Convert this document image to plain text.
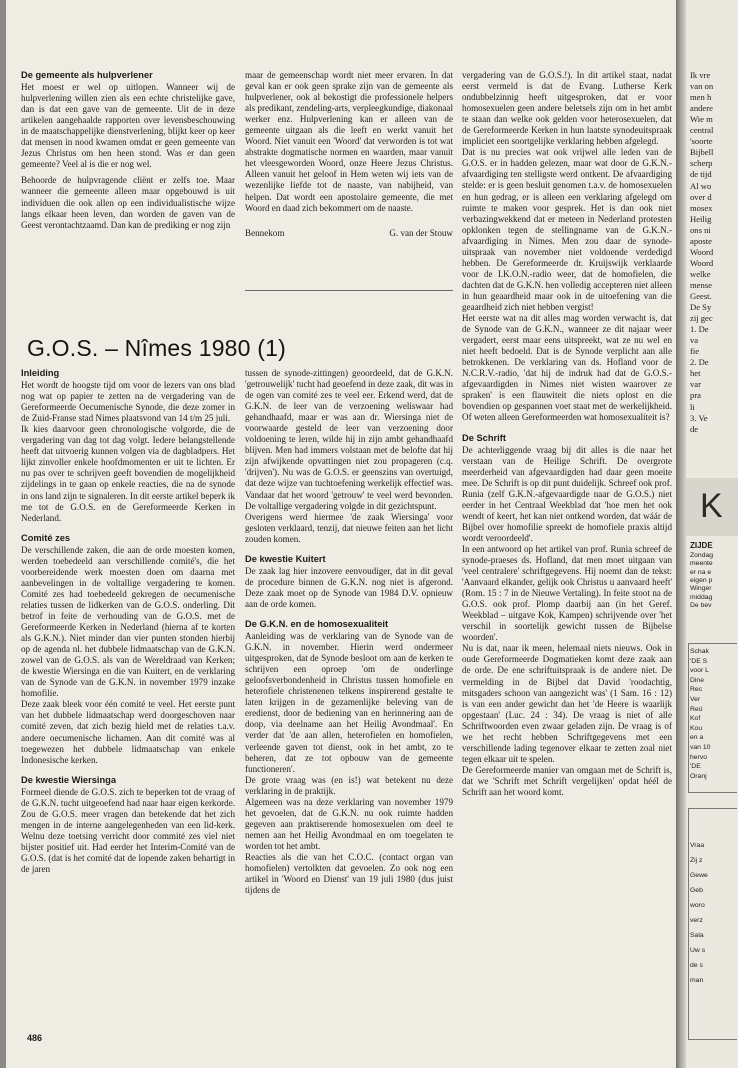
De gemeente als hulpverlener

Het moest er wel op uitlopen. Wanneer wij de hulpverlening willen zien als een echte christelijke gave, dan is dat een gave van de gemeente. Uit de in deze artikelen aangehaalde rapporten over levensbeschouwing in de maatschappelijke dienstverlening, blijkt keer op keer dat mensen in nood kwamen omdat er geen gemeente van Jezus Christus om hen heen stond. Was er dan geen gemeente? Veel al is die er nog wel.

Behoorde de hulpvragende cliënt er zelfs toe. Maar wanneer die gemeente alleen maar opgebouwd is uit individuen die ook allen op een individualistische wijze langs elkaar heen leven, dan worden de gaven van de Geest verontachtzaamd. Dan kan de prediking er nog zijn

maar de gemeenschap wordt niet meer ervaren. In dat geval kan er ook geen sprake zijn van de gemeente als hulpverlener, ook al bekostigt die professionele helpers als predikant, zendeling-arts, verpleegkundige, diakonaal werker enz. Hulpverlening kan er alleen van de gemeente uitgaan als die leeft en werkt vanuit het Woord. Niet vanuit een 'Woord' dat verworden is tot wat abstrakte dogmatische normen en waarden, maar vanuit het vleesgeworden Woord, onze Heere Jezus Christus. Alleen vanuit het geloof in Hem weten wij iets van de wezenlijke liefde tot de naaste, van nabijheid, van helpen. Dat wordt een apostolaire gemeente, die met Woord en daad zich bekommert om de naaste.

Bennekom	G. van der Stouw
G.O.S. – Nîmes 1980 (1)
Inleiding

Het wordt de hoogste tijd om voor de lezers van ons blad nog wat op papier te zetten na de vergadering van de Gereformeerde Oecumenische Synode, die deze zomer in de Zuid-Franse stad Nimes plaatsvond van 14 t/m 25 juli.

Ik kies daarvoor geen chronologische volgorde, die de vergadering van dag tot dag volgt. Iedere belangstellende heeft dat uitvoerig kunnen volgen via de dagbladpers. Het lijkt zinvoller enkele hoofdmomenten er uit te lichten. Er nu pas over te schrijven geeft bovendien de mogelijkheid zijdelings in te gaan op enkele reacties, die na de synode in ons land zijn te signaleren. In dit eerste artikel beperk ik me tot de G.O.S. en de Gereformeerde Kerken in Nederland.

Comité zes

De verschillende zaken, die aan de orde moesten komen, werden toebedeeld aan verschillende comité's, die het voorbereidende werk moesten doen om daarna met aanbevelingen in de voltallige vergadering te komen. Comité zes had toebedeeld gekregen de oecumenische relaties tussen de lidkerken van de G.O.S. onderling. Dit betrof in feite de verhouding van de G.O.S. met de Gereformeerde Kerken in Nederland (hierna af te korten als G.K.N.). Niet minder dan vier punten stonden hierbij op de agenda nl. het dubbele lidmaatschap van de G.K.N. zowel van de G.O.S. als van de Wereldraad van Kerken; de kwestie Wiersinga en die van Kuitert, en de verklaring van de Synode van de G.K.N. in november 1979 inzake homofilie.

Deze zaak bleek voor één comité te veel. Het eerste punt van het dubbele lidmaatschap werd doorgeschoven naar comité zeven, dat zich bezig hield met de relaties t.a.v. andere oecumenische lichamen. Aan dit comité was al toegewezen het dubbele lidmaatschap van enkele Indonesische kerken.

De kwestie Wiersinga

Formeel diende de G.O.S. zich te beperken tot de vraag of de G.K.N. tucht uitgeoefend had naar haar eigen kerkorde. Zou de G.O.S. meer vragen dan betekende dat het zich mengen in de interne aangelegenheden van een lid-kerk. Welnu deze toetsing verricht door commité zes viel niet bijster positief uit. Had eerder het Interim-Comité van de G.O.S. (dat is het comité dat de lopende zaken behartigt in de jaren

tussen de synode-zittingen) geoordeeld, dat de G.K.N. 'getrouwelijk' tucht had geoefend in deze zaak, dit was in de ogen van comité zes te veel eer. Erkend werd, dat de G.K.N. de leer van de verzoening weliswaar had gehandhaafd, maar er was aan dr. Wiersinga niet de voorwaarde gesteld de leer van verzoening door voldoening te leren, wilde hij in zijn ambt gehandhaafd blijven. Men had immers volstaan met de belofte dat hij zijn afwijkende opvattingen niet zou propageren (c.q. 'drijven'). Nu was de G.O.S. er geenszins van overtuigd, dat deze wijze van tuchtoefening werkelijk effectief was. Vandaar dat het woord 'getrouw' te veel werd bevonden. De voltallige vergadering volgde in dit gezichtspunt.

Overigens werd hiermee 'de zaak Wiersinga' voor gesloten verklaard, tenzij, dat nieuwe feiten aan het licht zouden komen.

De kwestie Kuitert

De zaak lag hier inzovere eenvoudiger, dat in dit geval de procedure binnen de G.K.N. nog niet is afgerond. Deze zaak moet op de Synode van 1984 D.V. opnieuw aan de orde komen.

De G.K.N. en de homosexualiteit

Aanleiding was de verklaring van de Synode van de G.K.N. in november. Hierin werd ondermeer uitgesproken, dat de Synode besloot om aan de kerken te schrijven een oproep 'om de onderlinge geloofsverbondenheid in Christus tussen homofiele en heterofiele christenenen telkens inspirerend gestalte te laten krijgen in de gezamenlijke beleving van de eredienst, door de bediening van en herinnering aan de doop, via deelname aan het Heilig Avondmaal'. En verder dat 'de aan allen, heterofielen en homofielen, verleende gaven tot dienst, ook in het ambt, zo te beheren, dat ze tot opbouw van de gemeente functioneren'.

De grote vraag was (en is!) wat betekent nu deze verklaring in de praktijk.

Algemeen was na deze verklaring van november 1979 het gevoelen, dat de G.K.N. nu ook ruimte hadden gegeven aan praktiserende homosexuelen om deel te nemen aan het Heilig Avondmaal en om toegelaten te worden tot het ambt.

Reacties als die van het C.O.C. (contact organ van homofielen) vertolkten dat gevoelen. Zo ook nog een artikel in 'Woord en Dienst' van 19 juli 1980 (dus juist tijdens de

vergadering van de G.O.S.!). In dit artikel staat, nadat eerst vermeld is dat de Evang. Lutherse Kerk ondubbelzinnig heeft uitgesproken, dat er voor homosexuelen geen andere beletsels zijn om in het ambt te staan dan welke ook gelden voor heterosexuelen, dat de Gereformeerde Kerken in hun laatste synodeuitspraak impliciet een soortgelijke verklaring hebben afgelegd.

Dat is nu precies wat ook vrijwel alle leden van de G.O.S. er in hadden gelezen, maar wat door de G.K.N.-afvaardiging ten stelligste werd ontkent. De afvaardiging stelde: er is geen besluit genomen t.a.v. de homosexuelen en hun gedrag, er is alleen een verklaring afgelegd om ruimte te maken voor gesprek. Het is dan ook niet verbazingwekkend dat er meteen in Nederland protesten opklonken tegen de stellingname van de G.K.N.-afvaardiging in Nimes. Men zou daar de synode-uitspraak van november niet voldoende verdedigd hebben. De Gereformeerde dr. Kruijswijk verklaarde voor de I.K.O.N.-radio weer, dat de homofielen, die dachten dat de G.K.N. hen volledig accepteren niet alleen in hun geaardheid maar ook in de uitoefening van die geaardheid zich niet hebben vergist!

Het eerste wat na dit alles mag worden verwacht is, dat de Synode van de G.K.N., wanneer ze dit najaar weer vergadert, eerst maar eens uitspreekt, wat ze nu wel en niet heeft bedoeld. Dat is de Synode verplicht aan alle betrokkenen. De verklaring van ds. Hofland voor de N.C.R.V.-radio, 'dat hij de indruk had dat de G.O.S.-afgevaardigden in Nimes niet wisten waarover ze spraken' is een flauwiteit die niets oplost en die bovendien op gespannen voet staat met de werkelijkheid. Of weten alleen Gereformeerden wat homosexualiteit is?

De Schrift

De achterliggende vraag bij dit alles is die naar het verstaan van de Heilige Schrift. De overgrote meerderheid van afgevaardigden had daar geen moeite mee. De Schrift is op dit punt duidelijk. Schreef ook prof. Runia (zelf G.K.N.-afgevaardigde naar de G.O.S.) niet eerder in het Centraal Weekblad dat 'hoe men het ook wendt of keert, het kan niet ontkend worden, dat wáár de Bijbel over homofilie spreekt de homofiele praxis altijd wordt veroordeeld'.

In een antwoord op het artikel van prof. Runia schreef de synode-praeses ds. Hofland, dat men moet uitgaan van 'veel centralere' schriftgegevens. Hij noemt dan de tekst: 'Aanvaard elkander, gelijk ook Christus u aanvaard heeft' (Rom. 15 : 7 in de Nieuwe Vertaling). In feite stoot na de G.O.S. ook prof. Plomp daarbij aan (in het Geref. Weekblad – uitgave Kok, Kampen) schrijvende over 'het verschil in soortelijk gewicht tussen de Bijbelse woorden'.

Nu is dat, naar ik meen, helemaal niets nieuws. Ook in oude Gereformeerde Dogmatieken komt deze zaak aan de orde. De ene schriftuitspraak is de andere niet. De vermelding in de Bijbel dat David 'roodachtig, mitsgaders schoon van aangezicht was' (1 Sam. 16 : 12) is van een ander gewicht dan het 'de Heere is waarlijk opgestaan' (Luc. 24 : 34). De vraag is niet of alle Schriftwoorden even zwaar geladen zijn. De vraag is of we het recht hebben Schriftgegevens met een verschillende lading tegenover elkaar te zetten zoal niet tegen elkaar uit te spelen.

De Gereformeerde manier van omgaan met de Schrift is, dat we 'Schrift met Schrift vergelijken' opdat héél de Schrift aan het woord komt.

486
Ik vre
van on
men h
andere
Wie m
central
'soorte
Bijbell
scherp
de tijd
Al wo
over d
mosex
Heilig
ons ni
aposte
Woord
Woord
welke
mense
Geest.
De Sy
zij gec
1. De
va
fie
2. De
het
var
pra
li
3. Ve
de
K
ZIJDE
Zondag
meente
er na e
eigen p
Winger
middag
De bev
Schak
'DE S
voor L
Dine
Rec
Ver
Reü
Kof
Kou
en a
van 10
hervo
'DE
Oranj
Vraa
Zij z
Gewe
Geb
woro
verz
Sala
Uw s
de s
man
